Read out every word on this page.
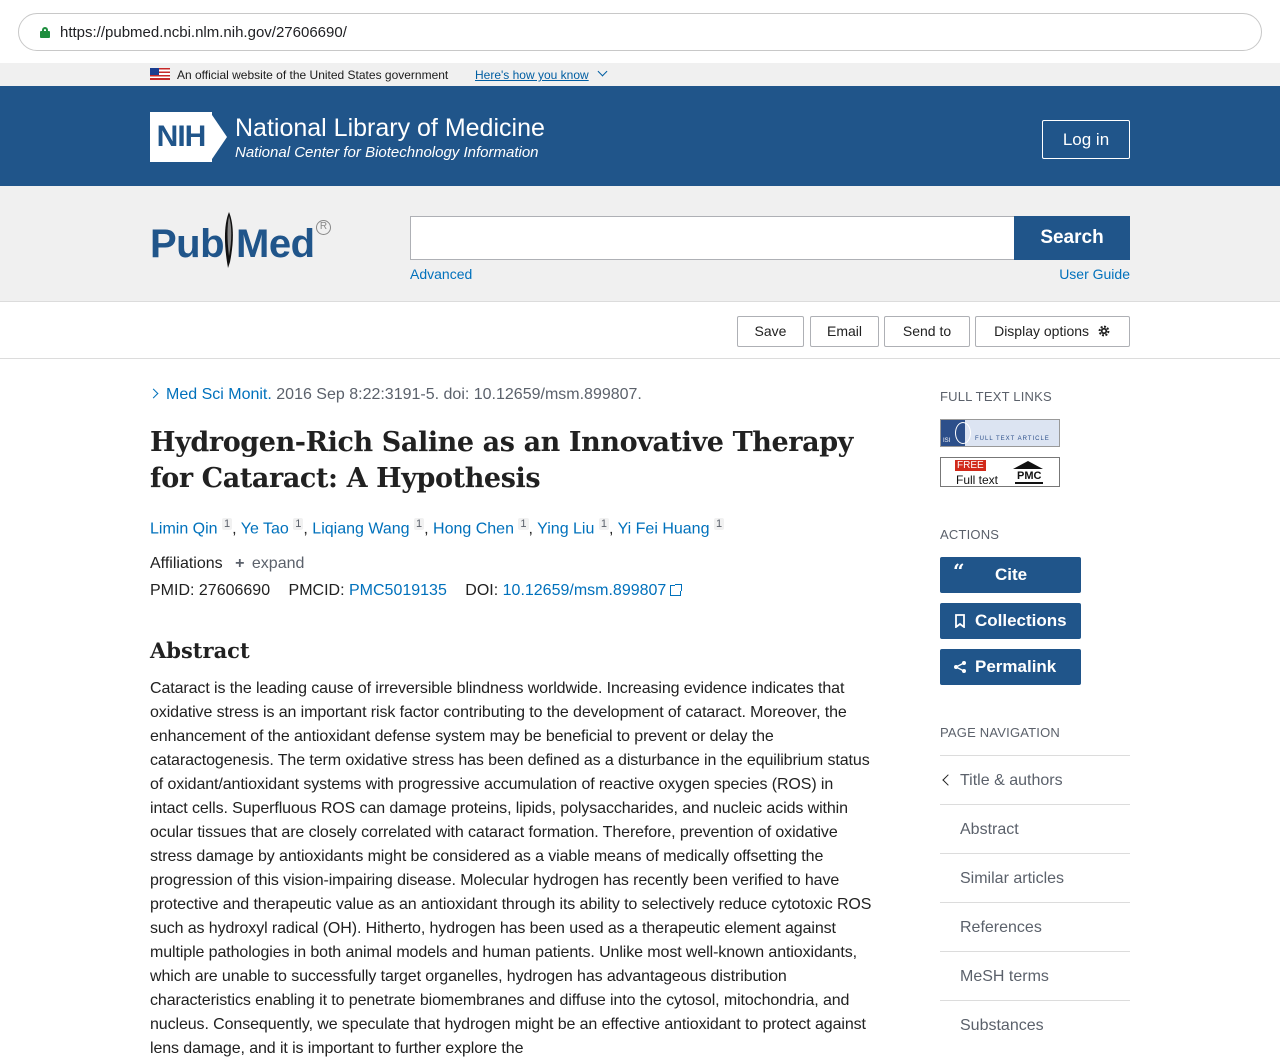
https://pubmed.ncbi.nlm.nih.gov/27606690/
An official website of the United States government Here's how you know
NIH National Library of Medicine
National Center for Biotechnology Information
Log in
Pub Med R
Search
Advanced	User Guide
Save	Email	Send to	Display options
Med Sci Monit. 2016 Sep 8:22:3191-5. doi: 10.12659/msm.899807.
Hydrogen-Rich Saline as an Innovative Therapy for Cataract: A Hypothesis
Limin Qin $^1$ , Ye Tao $^1$ , Liqiang Wang $^1$ , Hong Chen $^1$ , Ying Liu $^1$ , Yi Fei Huang $^1$
Affiliations + expand
PMID: 27606690 PMCID: PMC5019135 DOI: 10.12659/msm.899807
Abstract

Cataract is the leading cause of irreversible blindness worldwide. Increasing evidence indicates that oxidative stress is an important risk factor contributing to the development of cataract. Moreover, the enhancement of the antioxidant defense system may be beneficial to prevent or delay the cataractogenesis. The term oxidative stress has been defined as a disturbance in the equilibrium status of oxidant/antioxidant systems with progressive accumulation of reactive oxygen species (ROS) in intact cells. Superfluous ROS can damage proteins, lipids, polysaccharides, and nucleic acids within ocular tissues that are closely correlated with cataract formation. Therefore, prevention of oxidative stress damage by antioxidants might be considered as a viable means of medically offsetting the progression of this vision-impairing disease. Molecular hydrogen has recently been verified to have protective and therapeutic value as an antioxidant through its ability to selectively reduce cytotoxic ROS such as hydroxyl radical (OH). Hitherto, hydrogen has been used as a therapeutic element against multiple pathologies in both animal models and human patients. Unlike most well-known antioxidants, which are unable to successfully target organelles, hydrogen has advantageous distribution characteristics enabling it to penetrate biomembranes and diffuse into the cytosol, mitochondria, and nucleus. Consequently, we speculate that hydrogen might be an effective antioxidant to protect against lens damage, and it is important to further explore the

FULL TEXT LINKS
ISI	FULL TEXT ARTICLE
FREE
Full text PMC
ACTIONS
“ Cite
Collections
Permalink
PAGE NAVIGATION
Title & authors
Abstract
Similar articles
References
MeSH terms
Substances
